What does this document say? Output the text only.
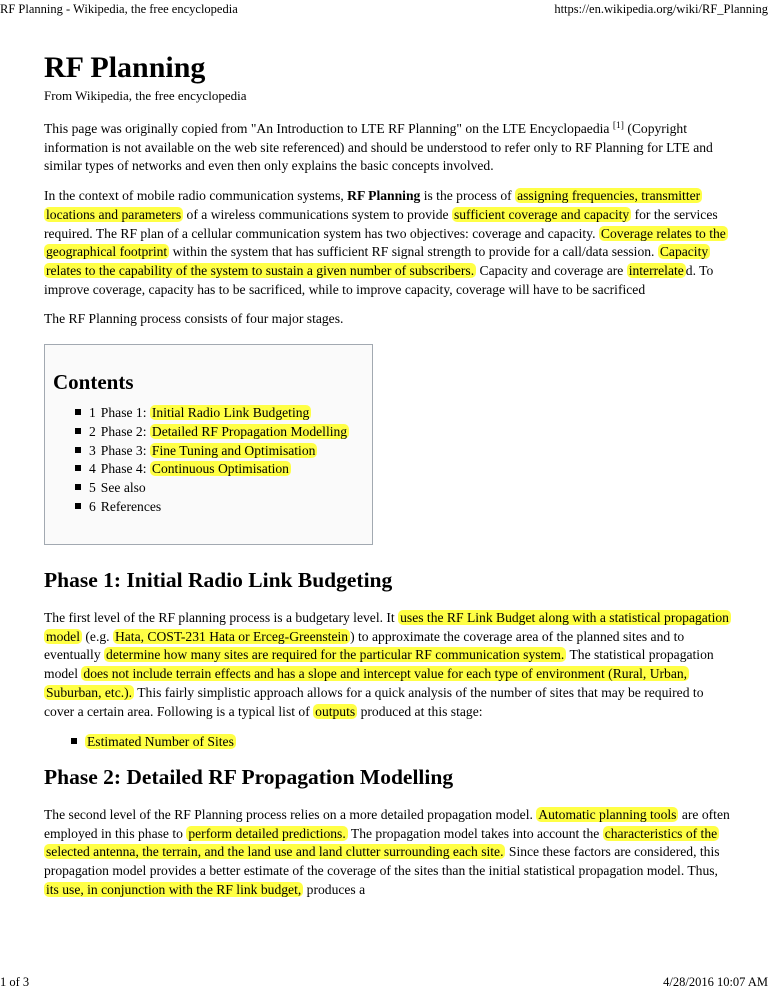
RF Planning - Wikipedia, the free encyclopedia	https://en.wikipedia.org/wiki/RF_Planning
RF Planning
From Wikipedia, the free encyclopedia

This page was originally copied from "An Introduction to LTE RF Planning" on the LTE Encyclopaedia [1] (Copyright information is not available on the web site referenced) and should be understood to refer only to RF Planning for LTE and similar types of networks and even then only explains the basic concepts involved.

In the context of mobile radio communication systems, RF Planning is the process of assigning frequencies, transmitter locations and parameters of a wireless communications system to provide sufficient coverage and capacity for the services required. The RF plan of a cellular communication system has two objectives: coverage and capacity. Coverage relates to the geographical footprint within the system that has sufficient RF signal strength to provide for a call/data session. Capacity relates to the capability of the system to sustain a given number of subscribers. Capacity and coverage are interrelate d. To improve coverage, capacity has to be sacrificed, while to improve capacity, coverage will have to be sacrificed

The RF Planning process consists of four major stages.

Contents
1 Phase 1: Initial Radio Link Budgeting
2 Phase 2: Detailed RF Propagation Modelling
3 Phase 3: Fine Tuning and Optimisation
4 Phase 4: Continuous Optimisation
5 See also
6 References
Phase 1: Initial Radio Link Budgeting

The first level of the RF planning process is a budgetary level. It uses the RF Link Budget along with a statistical propagation model (e.g. Hata, COST-231 Hata or Erceg-Greenstein ) to approximate the coverage area of the planned sites and to eventually determine how many sites are required for the particular RF communication system. The statistical propagation model does not include terrain effects and has a slope and intercept value for each type of environment (Rural, Urban, Suburban, etc.). This fairly simplistic approach allows for a quick analysis of the number of sites that may be required to cover a certain area. Following is a typical list of outputs produced at this stage:

Estimated Number of Sites
Phase 2: Detailed RF Propagation Modelling

The second level of the RF Planning process relies on a more detailed propagation model. Automatic planning tools are often employed in this phase to perform detailed predictions. The propagation model takes into account the characteristics of the selected antenna, the terrain, and the land use and land clutter surrounding each site. Since these factors are considered, this propagation model provides a better estimate of the coverage of the sites than the initial statistical propagation model. Thus, its use, in conjunction with the RF link budget, produces a

1 of 3	4/28/2016 10:07 AM
